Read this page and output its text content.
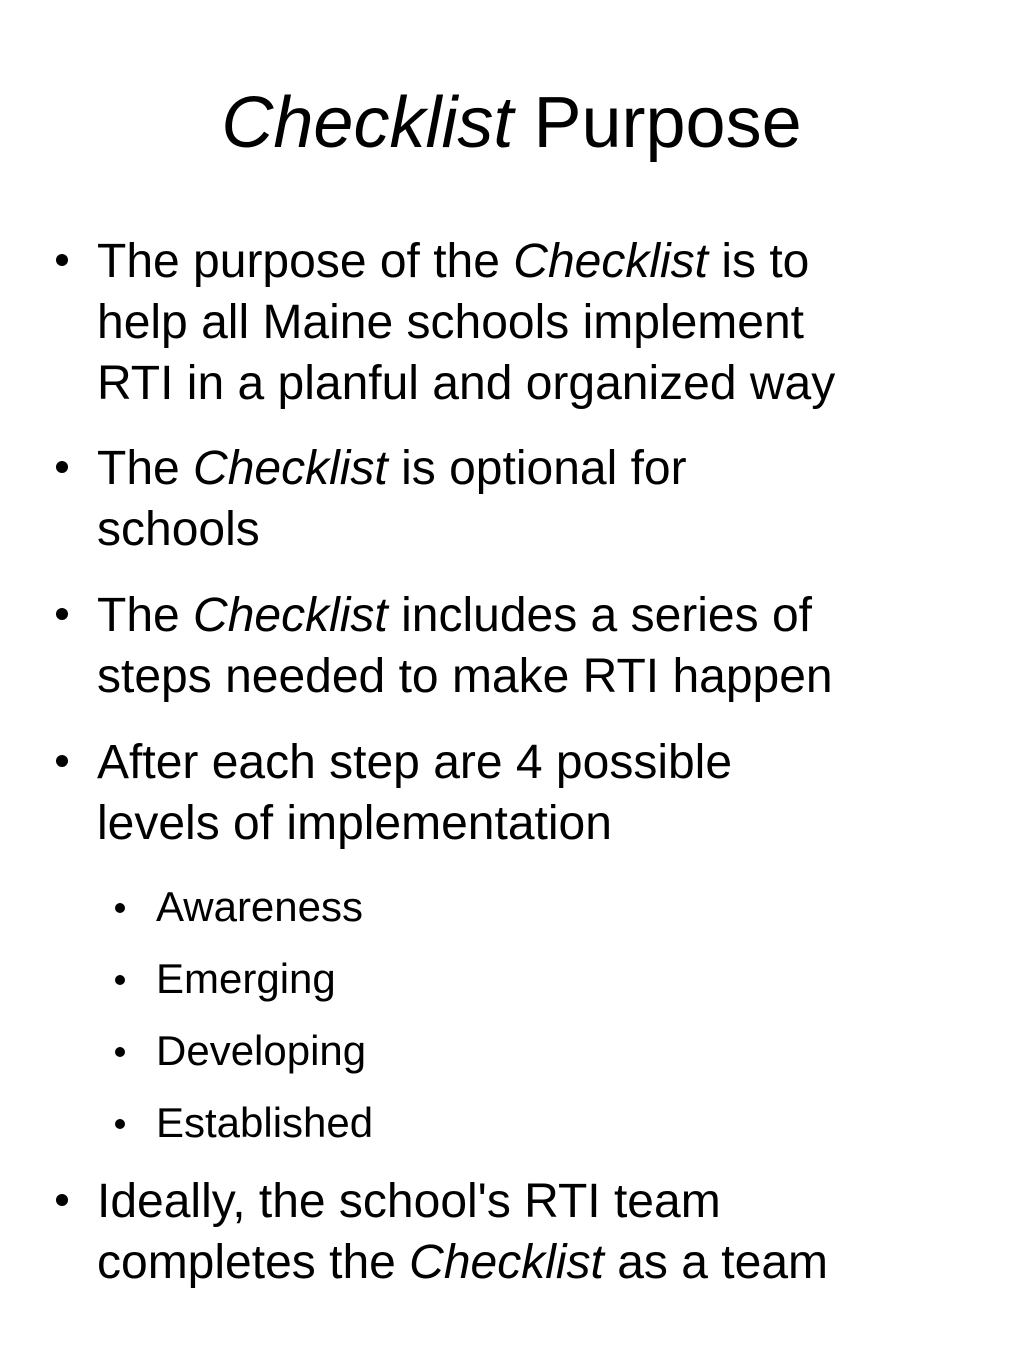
Checklist Purpose
The purpose of the Checklist is to
help all Maine schools implement
RTI in a planful and organized way
The Checklist is optional for
schools
The Checklist includes a series of
steps needed to make RTI happen
After each step are 4 possible
levels of implementation
Awareness
Emerging
Developing
Established
Ideally, the school's RTI team
completes the Checklist as a team
